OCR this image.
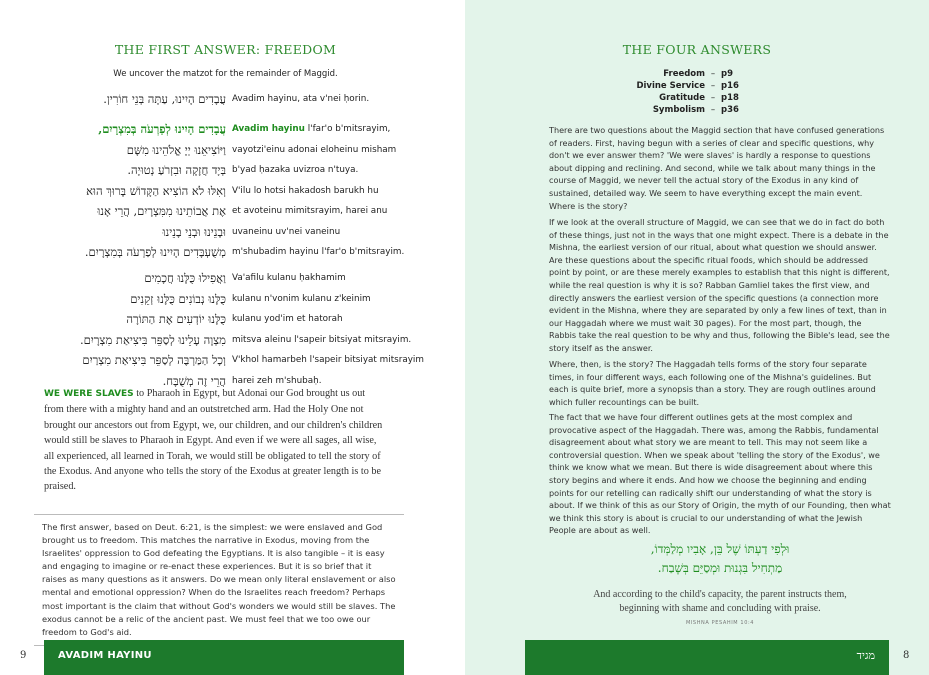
THE FIRST ANSWER: FREEDOM
We uncover the matzot for the remainder of Maggid.
עֲבָדִים הָיִינוּ, עַתָּה בְּנֵי חוֹרִין. Avadim hayinu, ata v'nei ḥorin.
עֲבָדִים הָיִינוּ לְפַרְעֹה בְּמִצְרָיִם,
וַיּוֹצִיאֵנוּ יְיָ אֱלֹהֵינוּ מִשָּׁם
בְּיָד חֲזָקָה וּבִזְרֹעַ נְטוּיָה.
וְאִלּוּ לֹא הוֹצִיא הַקָּדוֹשׁ בָּרוּךְ הוּא
אֶת אֲבוֹתֵינוּ מִמִּצְרָיִם, הֲרֵי אָנוּ
וּבָנֵינוּ וּבְנֵי בָנֵינוּ
מְשֻׁעְבָּדִים הָיִינוּ לְפַרְעֹה בְּמִצְרָיִם.
Avadim hayinu l'far'o b'mitsrayim,
vayotzi'einu adonai eloheinu misham
b'yad ḥazaka uvizroa n'tuya.
V'ilu lo hotsi hakadosh barukh hu
et avoteinu mimitsrayim, harei anu
uvaneinu uv'nei vaneinu
m'shubadim hayinu l'far'o b'mitsrayim.
וַאֲפִילוּ כֻּלָּנוּ חֲכָמִים
כֻּלָּנוּ נְבוֹנִים כֻּלָּנוּ זְקֵנִים
כֻּלָּנוּ יוֹדְעִים אֶת הַתּוֹרָה
מִצְוָה עָלֵינוּ לְסַפֵּר בִּיצִיאַת מִצְרָיִם.
וְכָל הַמַּרְבֶּה לְסַפֵּר בִּיצִיאַת מִצְרַיִם
הֲרֵי זֶה מְשֻׁבָּח.
Va'afilu kulanu ḥakhamim
kulanu n'vonim kulanu z'keinim
kulanu yod'im et hatorah
mitsva aleinu l'sapeir bitsiyat mitsrayim.
V'khol hamarbeh l'sapeir bitsiyat mitsrayim
harei zeh m'shubaḥ.
WE WERE SLAVES to Pharaoh in Egypt, but Adonai our God brought us out from there with a mighty hand and an outstretched arm. Had the Holy One not brought our ancestors out from Egypt, we, our children, and our children's children would still be slaves to Pharaoh in Egypt. And even if we were all sages, all wise, all experienced, all learned in Torah, we would still be obligated to tell the story of the Exodus. And anyone who tells the story of the Exodus at greater length is to be praised.
The first answer, based on Deut. 6:21, is the simplest: we were enslaved and God brought us to freedom. This matches the narrative in Exodus, moving from the Israelites' oppression to God defeating the Egyptians. It is also tangible – it is easy and engaging to imagine or re-enact these experiences. But it is so brief that it raises as many questions as it answers. Do we mean only literal enslavement or also mental and emotional oppression? When do the Israelites reach freedom? Perhaps most important is the claim that without God's wonders we would still be slaves. The exodus cannot be a relic of the ancient past. We must feel that we too owe our freedom to God's aid.
9	AVADIM HAYINU
THE FOUR ANSWERS
Freedom – p9
Divine Service – p16
Gratitude – p18
Symbolism – p36
There are two questions about the Maggid section that have confused generations of readers. First, having begun with a series of clear and specific questions, why don't we ever answer them? 'We were slaves' is hardly a response to questions about dipping and reclining. And second, while we talk about many things in the course of Maggid, we never tell the actual story of the Exodus in any kind of sustained, detailed way. We seem to have everything except the main event. Where is the story?
If we look at the overall structure of Maggid, we can see that we do in fact do both of these things, just not in the ways that one might expect. There is a debate in the Mishna, the earliest version of our ritual, about what question we should answer. Are these questions about the specific ritual foods, which should be addressed point by point, or are these merely examples to establish that this night is different, while the real question is why it is so? Rabban Gamliel takes the first view, and directly answers the earliest version of the specific questions (a connection more evident in the Mishna, where they are separated by only a few lines of text, than in our Haggadah where we must wait 30 pages). For the most part, though, the Rabbis take the real question to be why and thus, following the Bible's lead, see the story itself as the answer.
Where, then, is the story? The Haggadah tells forms of the story four separate times, in four different ways, each following one of the Mishna's guidelines. But each is quite brief, more a synopsis than a story. They are rough outlines around which fuller recountings can be built.
The fact that we have four different outlines gets at the most complex and provocative aspect of the Haggadah. There was, among the Rabbis, fundamental disagreement about what story we are meant to tell. This may not seem like a controversial question. When we speak about 'telling the story of the Exodus', we think we know what we mean. But there is wide disagreement about where this story begins and where it ends. And how we choose the beginning and ending points for our retelling can radically shift our understanding of what the story is about. If we think of this as our Story of Origin, the myth of our Founding, then what we think this story is about is crucial to our understanding of what the Jewish People are about as well.
וּלְפִי דַעְתּוֹ שֶׁל בֵּן, אָבִיו מְלַמְּדוֹ,
מַתְחִיל בִּגְנוּת וּמְסַיֵּם בְּשֶׁבַח.
And according to the child's capacity, the parent instructs them,
beginning with shame and concluding with praise.
MISHNA PESAHIM 10:4
מגיד	8
